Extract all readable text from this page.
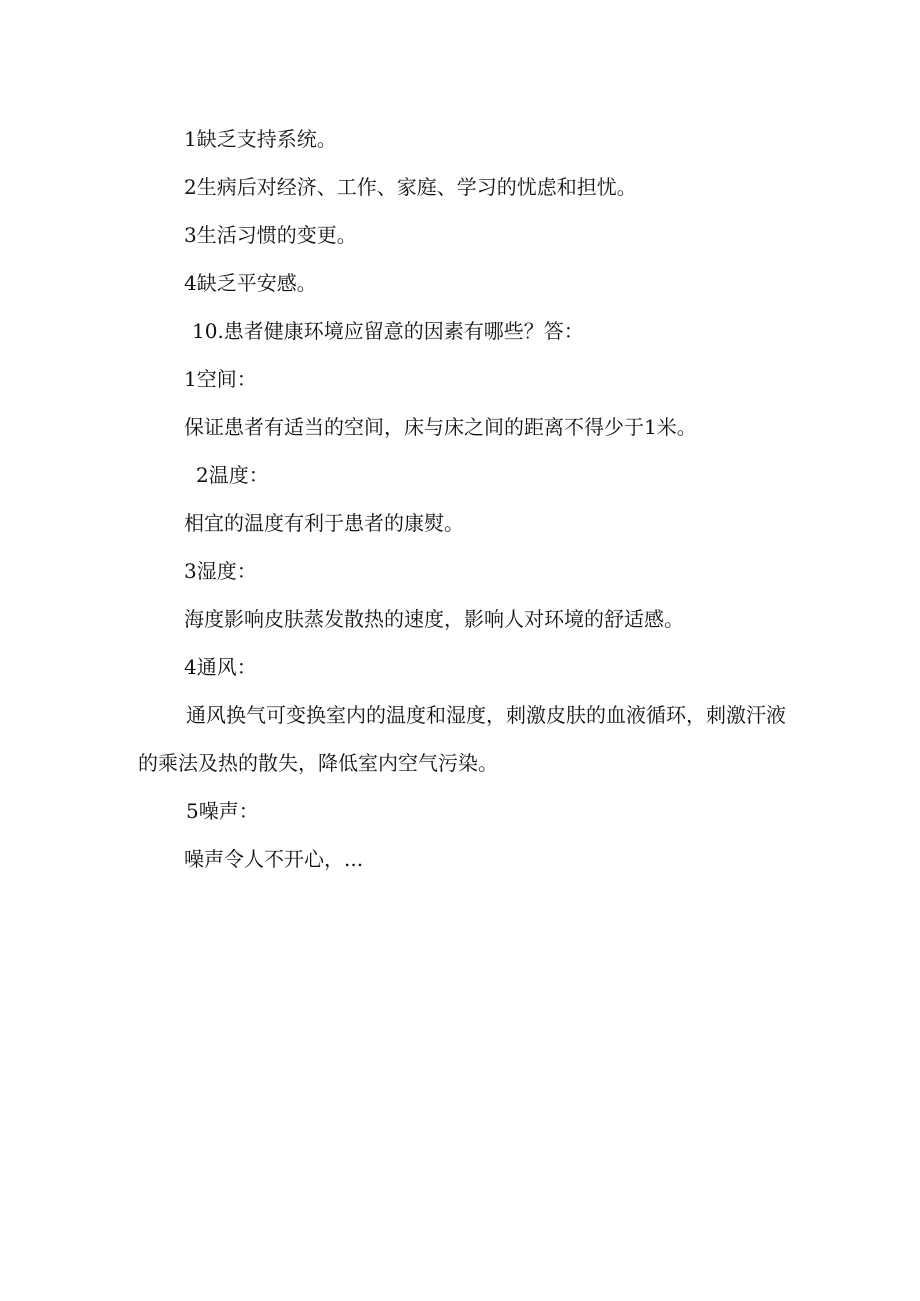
1缺乏支持系统。

2生病后对经济、工作、家庭、学习的忧虑和担忧。

3生活习惯的变更。

4缺乏平安感。

10.患者健康环境应留意的因素有哪些？答：

1空间：

保证患者有适当的空间，床与床之间的距离不得少于1米。

2温度：

相宜的温度有利于患者的康熨。

3湿度：

海度影响皮肤蒸发散热的速度，影响人对环境的舒适感。

4通风：

通风换气可变换室内的温度和湿度，刺激皮肤的血液循环，刺激汗液

的乘法及热的散失，降低室内空气污染。

5噪声：

噪声令人不开心，...
